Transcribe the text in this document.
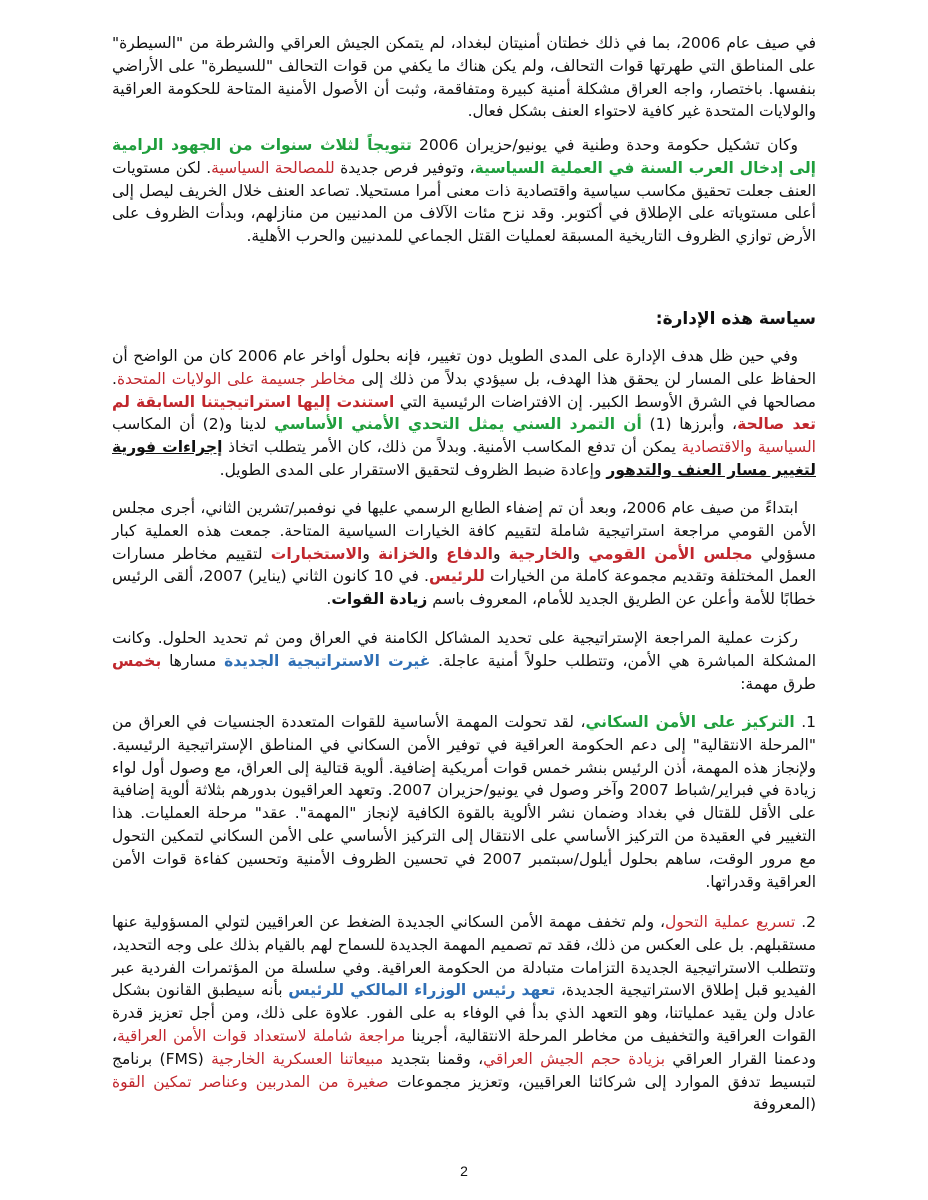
في صيف عام 2006، بما في ذلك خطتان أمنيتان لبغداد، لم يتمكن الجيش العراقي والشرطة من "السيطرة" على المناطق التي طهرتها قوات التحالف، ولم يكن هناك ما يكفي من قوات التحالف "للسيطرة" على الأراضي بنفسها. باختصار، واجه العراق مشكلة أمنية كبيرة ومتفاقمة، وثبت أن الأصول الأمنية المتاحة للحكومة العراقية والولايات المتحدة غير كافية لاحتواء العنف بشكل فعال.

وكان تشكيل حكومة وحدة وطنية في يونيو/حزيران 2006 تتويجاً لثلاث سنوات من الجهود الرامية إلى إدخال العرب السنة في العملية السياسية، وتوفير فرص جديدة للمصالحة السياسية. لكن مستويات العنف جعلت تحقيق مكاسب سياسية واقتصادية ذات معنى أمرا مستحيلا. تصاعد العنف خلال الخريف ليصل إلى أعلى مستوياته على الإطلاق في أكتوبر. وقد نزح مئات الآلاف من المدنيين من منازلهم، وبدأت الظروف على الأرض توازي الظروف التاريخية المسبقة لعمليات القتل الجماعي للمدنيين والحرب الأهلية.

سياسة هذه الإدارة:

وفي حين ظل هدف الإدارة على المدى الطويل دون تغيير، فإنه بحلول أواخر عام 2006 كان من الواضح أن الحفاظ على المسار لن يحقق هذا الهدف، بل سيؤدي بدلاً من ذلك إلى مخاطر جسيمة على الولايات المتحدة. مصالحها في الشرق الأوسط الكبير. إن الافتراضات الرئيسية التي استندت إليها استراتيجيتنا السابقة لم تعد صالحة، وأبرزها (1) أن التمرد السني يمثل التحدي الأمني الأساسي لدينا و(2) أن المكاسب السياسية والاقتصادية يمكن أن تدفع المكاسب الأمنية. وبدلاً من ذلك، كان الأمر يتطلب اتخاذ إجراءات فورية لتغيير مسار العنف والتدهور وإعادة ضبط الظروف لتحقيق الاستقرار على المدى الطويل.

ابتداءً من صيف عام 2006، وبعد أن تم إضفاء الطابع الرسمي عليها في نوفمبر/تشرين الثاني، أجرى مجلس الأمن القومي مراجعة استراتيجية شاملة لتقييم كافة الخيارات السياسية المتاحة. جمعت هذه العملية كبار مسؤولي مجلس الأمن القومي والخارجية والدفاع والخزانة والاستخبارات لتقييم مخاطر مسارات العمل المختلفة وتقديم مجموعة كاملة من الخيارات للرئيس. في 10 كانون الثاني (يناير) 2007، ألقى الرئيس خطابًا للأمة وأعلن عن الطريق الجديد للأمام، المعروف باسم زيادة القوات.

ركزت عملية المراجعة الإستراتيجية على تحديد المشاكل الكامنة في العراق ومن ثم تحديد الحلول. وكانت المشكلة المباشرة هي الأمن، وتتطلب حلولاً أمنية عاجلة. غيرت الاستراتيجية الجديدة مسارها بخمس طرق مهمة:

1. التركيز على الأمن السكاني، لقد تحولت المهمة الأساسية للقوات المتعددة الجنسيات في العراق من "المرحلة الانتقالية" إلى دعم الحكومة العراقية في توفير الأمن السكاني في المناطق الإستراتيجية الرئيسية. ولإنجاز هذه المهمة، أذن الرئيس بنشر خمس قوات أمريكية إضافية. ألوية قتالية إلى العراق، مع وصول أول لواء زيادة في فبراير/شباط 2007 وآخر وصول في يونيو/حزيران 2007. وتعهد العراقيون بدورهم بثلاثة ألوية إضافية على الأقل للقتال في بغداد وضمان نشر الألوية بالقوة الكافية لإنجاز "المهمة". عقد" مرحلة العمليات. هذا التغيير في العقيدة من التركيز الأساسي على الانتقال إلى التركيز الأساسي على الأمن السكاني لتمكين التحول مع مرور الوقت، ساهم بحلول أيلول/سبتمبر 2007 في تحسين الظروف الأمنية وتحسين كفاءة قوات الأمن العراقية وقدراتها.

2. تسريع عملية التحول، ولم تخفف مهمة الأمن السكاني الجديدة الضغط عن العراقيين لتولي المسؤولية عنها مستقبلهم. بل على العكس من ذلك، فقد تم تصميم المهمة الجديدة للسماح لهم بالقيام بذلك على وجه التحديد، وتتطلب الاستراتيجية الجديدة التزامات متبادلة من الحكومة العراقية. وفي سلسلة من المؤتمرات الفردية عبر الفيديو قبل إطلاق الاستراتيجية الجديدة، تعهد رئيس الوزراء المالكي للرئيس بأنه سيطبق القانون بشكل عادل ولن يقيد عملياتنا، وهو التعهد الذي بدأ في الوفاء به على الفور. علاوة على ذلك، ومن أجل تعزيز قدرة القوات العراقية والتخفيف من مخاطر المرحلة الانتقالية، أجرينا مراجعة شاملة لاستعداد قوات الأمن العراقية، ودعمنا القرار العراقي بزيادة حجم الجيش العراقي، وقمنا بتجديد مبيعاتنا العسكرية الخارجية (FMS) برنامج لتبسيط تدفق الموارد إلى شركائنا العراقيين، وتعزيز مجموعات صغيرة من المدربين وعناصر تمكين القوة (المعروفة

2
